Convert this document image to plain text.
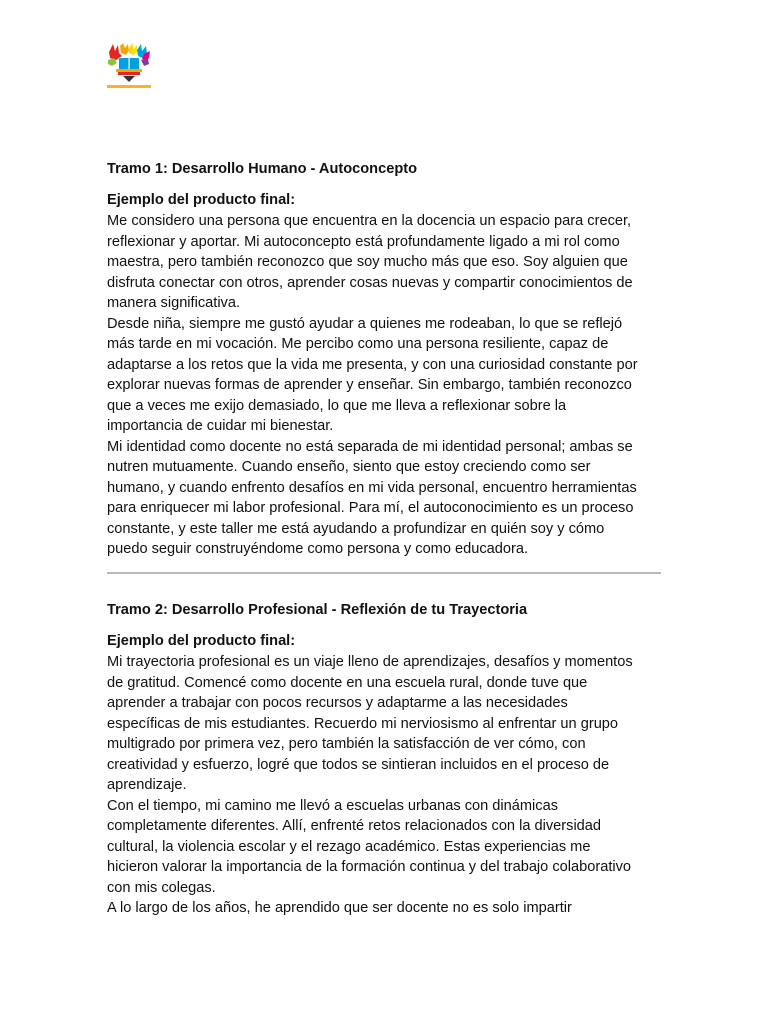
Tramo 1: Desarrollo Humano - Autoconcepto
Ejemplo del producto final:

Me considero una persona que encuentra en la docencia un espacio para crecer,

reflexionar y aportar. Mi autoconcepto está profundamente ligado a mi rol como

maestra, pero también reconozco que soy mucho más que eso. Soy alguien que

disfruta conectar con otros, aprender cosas nuevas y compartir conocimientos de

manera significativa.

Desde niña, siempre me gustó ayudar a quienes me rodeaban, lo que se reflejó

más tarde en mi vocación. Me percibo como una persona resiliente, capaz de

adaptarse a los retos que la vida me presenta, y con una curiosidad constante por

explorar nuevas formas de aprender y enseñar. Sin embargo, también reconozco

que a veces me exijo demasiado, lo que me lleva a reflexionar sobre la

importancia de cuidar mi bienestar.

Mi identidad como docente no está separada de mi identidad personal; ambas se

nutren mutuamente. Cuando enseño, siento que estoy creciendo como ser

humano, y cuando enfrento desafíos en mi vida personal, encuentro herramientas

para enriquecer mi labor profesional. Para mí, el autoconocimiento es un proceso

constante, y este taller me está ayudando a profundizar en quién soy y cómo

puedo seguir construyéndome como persona y como educadora.

Tramo 2: Desarrollo Profesional - Reflexión de tu Trayectoria
Ejemplo del producto final:

Mi trayectoria profesional es un viaje lleno de aprendizajes, desafíos y momentos

de gratitud. Comencé como docente en una escuela rural, donde tuve que

aprender a trabajar con pocos recursos y adaptarme a las necesidades

específicas de mis estudiantes. Recuerdo mi nerviosismo al enfrentar un grupo

multigrado por primera vez, pero también la satisfacción de ver cómo, con

creatividad y esfuerzo, logré que todos se sintieran incluidos en el proceso de

aprendizaje.

Con el tiempo, mi camino me llevó a escuelas urbanas con dinámicas

completamente diferentes. Allí, enfrenté retos relacionados con la diversidad

cultural, la violencia escolar y el rezago académico. Estas experiencias me

hicieron valorar la importancia de la formación continua y del trabajo colaborativo

con mis colegas.

A lo largo de los años, he aprendido que ser docente no es solo impartir
